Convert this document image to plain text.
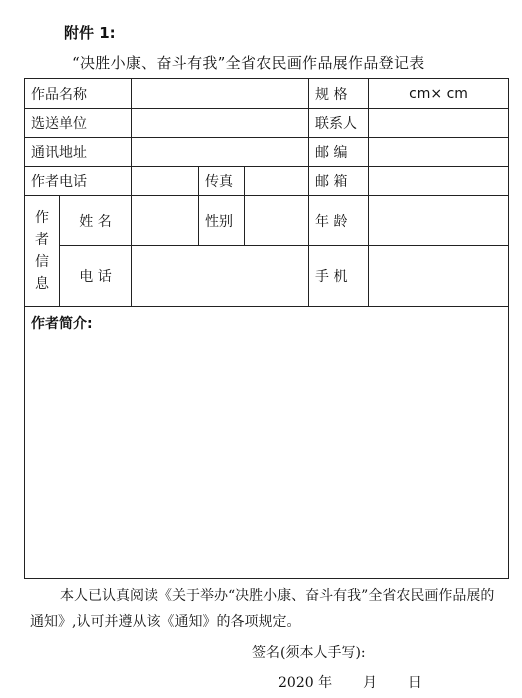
附件 1:
“决胜小康、奋斗有我”全省农民画作品展作品登记表
作品名称					规 格	cm× cm
选送单位					联系人	
通讯地址					邮 编	
作者电话			传真		邮 箱	

作
者
信
息	姓 名		性别		年 龄	
	电 话				手 机	
作者简介:						
本人已认真阅读《关于举办“决胜小康、奋斗有我”全省农民画作品展的通知》,认可并遵从该《通知》的各项规定。
签名(须本人手写):
2020 年 月 日
